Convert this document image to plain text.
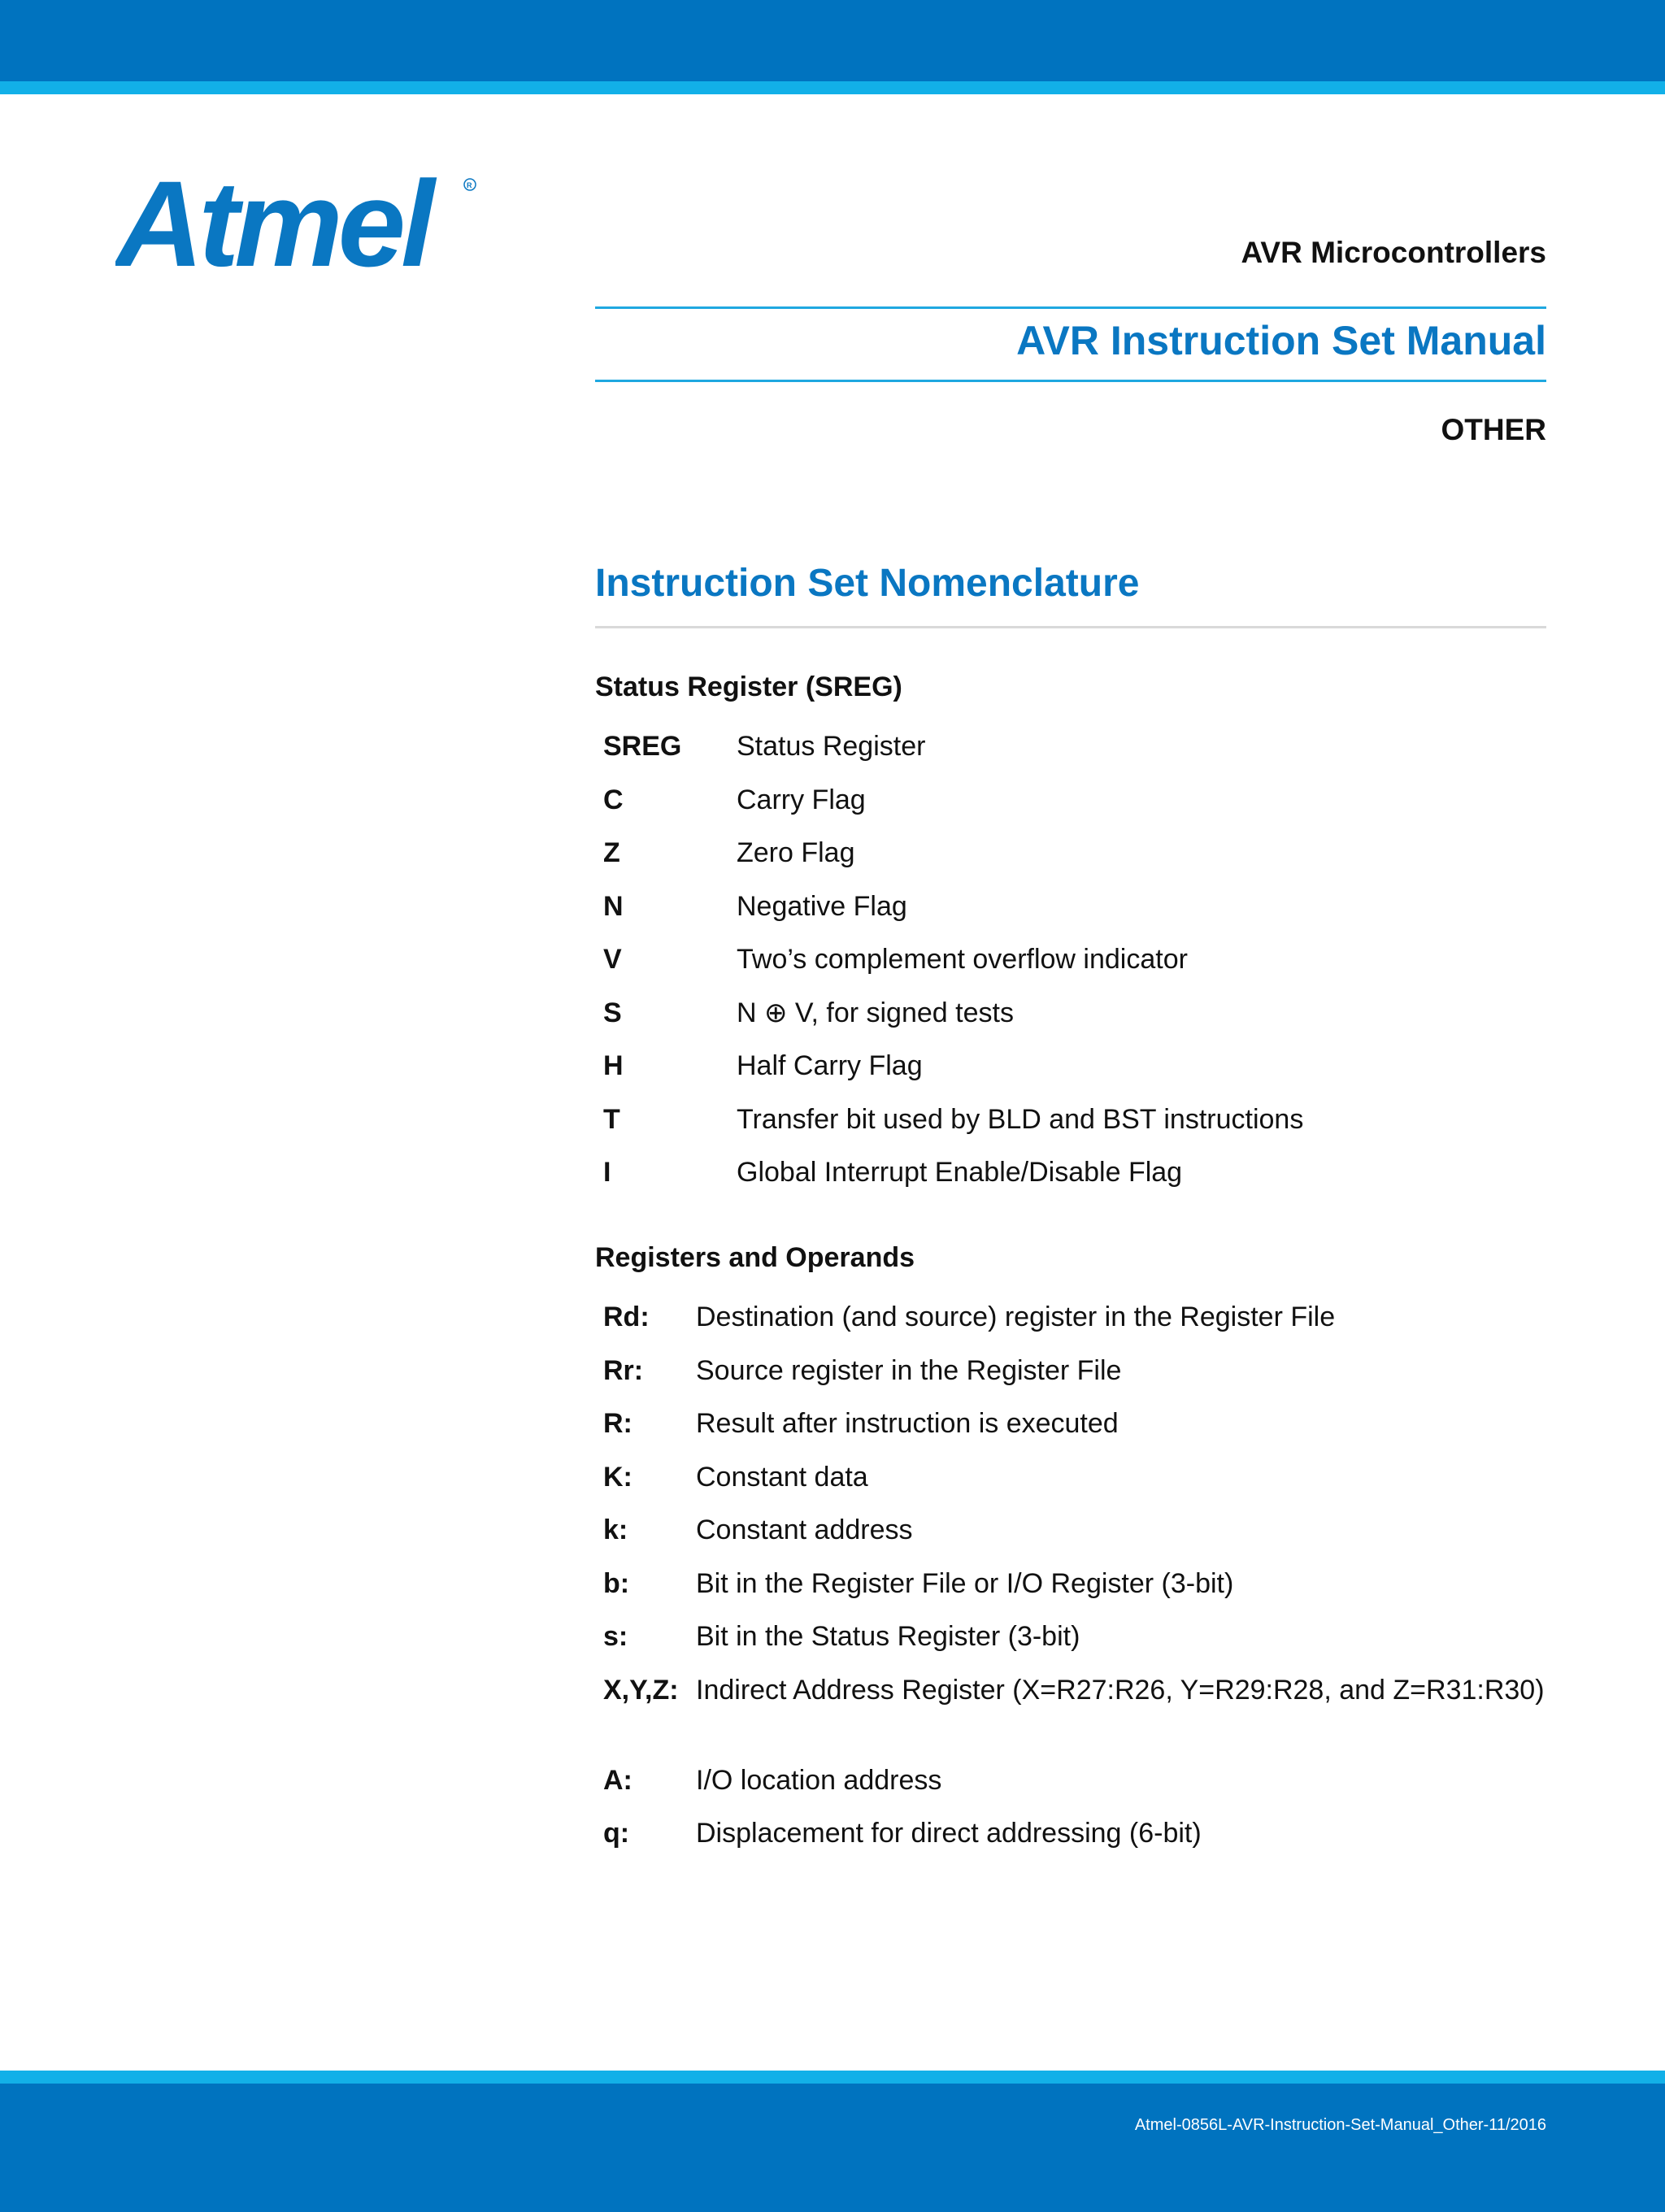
Atmel	R
AVR Microcontrollers
AVR Instruction Set Manual
OTHER
Instruction Set Nomenclature
Status Register (SREG)
SREG	Status Register
C	Carry Flag
Z	Zero Flag
N	Negative Flag
V	Two’s complement overflow indicator
S	N ⊕ V, for signed tests
H	Half Carry Flag
T	Transfer bit used by BLD and BST instructions
I	Global Interrupt Enable/Disable Flag
Registers and Operands
Rd:	Destination (and source) register in the Register File
Rr:	Source register in the Register File
R:	Result after instruction is executed
K:	Constant data
k:	Constant address
b:	Bit in the Register File or I/O Register (3-bit)
s:	Bit in the Status Register (3-bit)
X,Y,Z: Indirect Address Register (X=R27:R26, Y=R29:R28, and Z=R31:R30)
A:	I/O location address
q:	Displacement for direct addressing (6-bit)
Atmel-0856L-AVR-Instruction-Set-Manual_Other-11/2016
